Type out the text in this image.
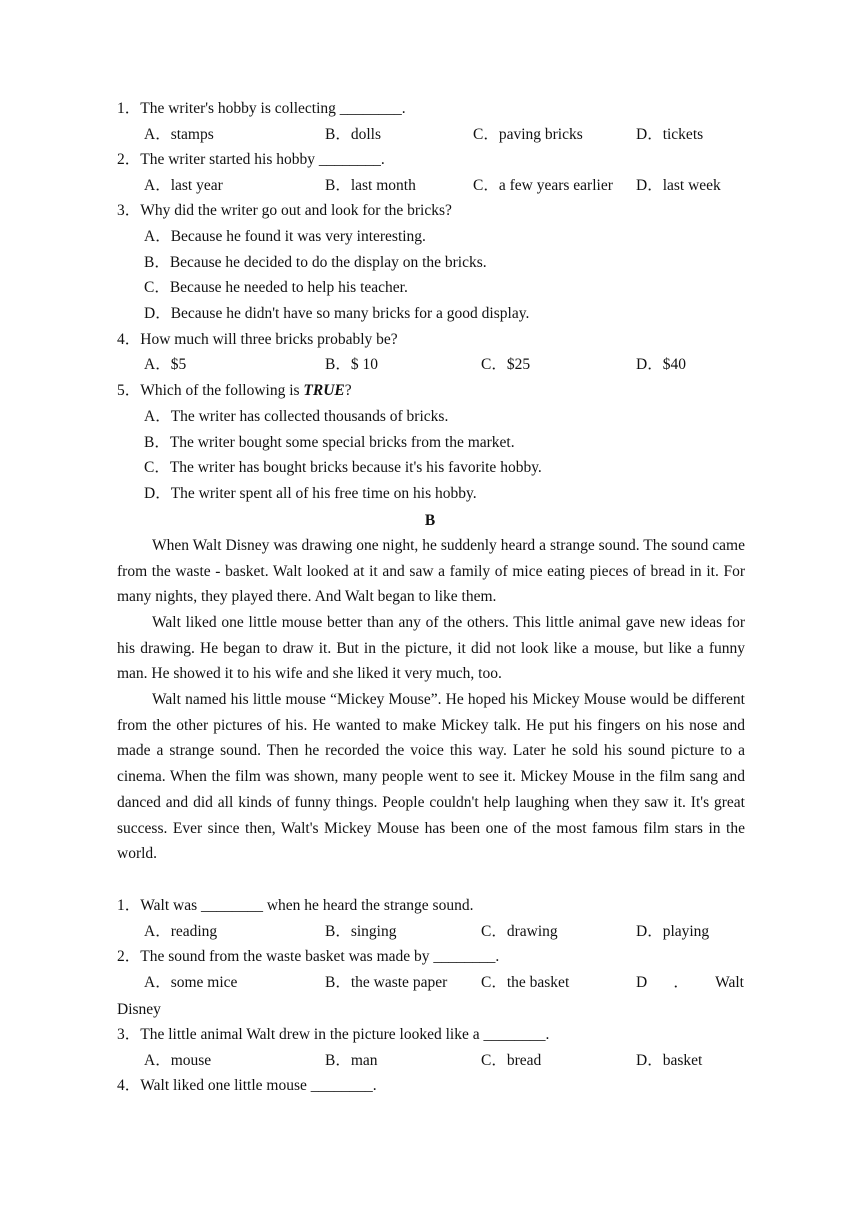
1．The writer's hobby is collecting ________.
A．stamps	B．dolls	C．paving bricks	D．tickets
2．The writer started his hobby ________.
A．last year	B．last month	C．a few years earlier D．last week
3．Why did the writer go out and look for the bricks?
A．Because he found it was very interesting.
B．Because he decided to do the display on the bricks.
C．Because he needed to help his teacher.
D．Because he didn't have so many bricks for a good display.
4．How much will three bricks probably be?
A．$5	B．$ 10	C．$25	D．$40
5．Which of the following is TRUE?
A．The writer has collected thousands of bricks.
B．The writer bought some special bricks from the market.
C．The writer has bought bricks because it's his favorite hobby.
D．The writer spent all of his free time on his hobby.
B
When Walt Disney was drawing one night, he suddenly heard a strange sound. The sound came from the waste - basket. Walt looked at it and saw a family of mice eating pieces of bread in it. For many nights, they played there. And Walt began to like them.
Walt liked one little mouse better than any of the others. This little animal gave new ideas for his drawing. He began to draw it. But in the picture, it did not look like a mouse, but like a funny man. He showed it to his wife and she liked it very much, too.
Walt named his little mouse “Mickey Mouse”. He hoped his Mickey Mouse would be different from the other pictures of his. He wanted to make Mickey talk. He put his fingers on his nose and made a strange sound. Then he recorded the voice this way. Later he sold his sound picture to a cinema. When the film was shown, many people went to see it. Mickey Mouse in the film sang and danced and did all kinds of funny things. People couldn't help laughing when they saw it. It's great success. Ever since then, Walt's Mickey Mouse has been one of the most famous film stars in the world.
1．Walt was ________ when he heard the strange sound.
A．reading	B．singing	C．drawing	D．playing
2．The sound from the waste basket was made by ________.
A．some mice	B．the waste paper C．the basket	D ． Walt
Disney
3．The little animal Walt drew in the picture looked like a ________.
A．mouse	B．man	C．bread	D．basket
4．Walt liked one little mouse ________.
